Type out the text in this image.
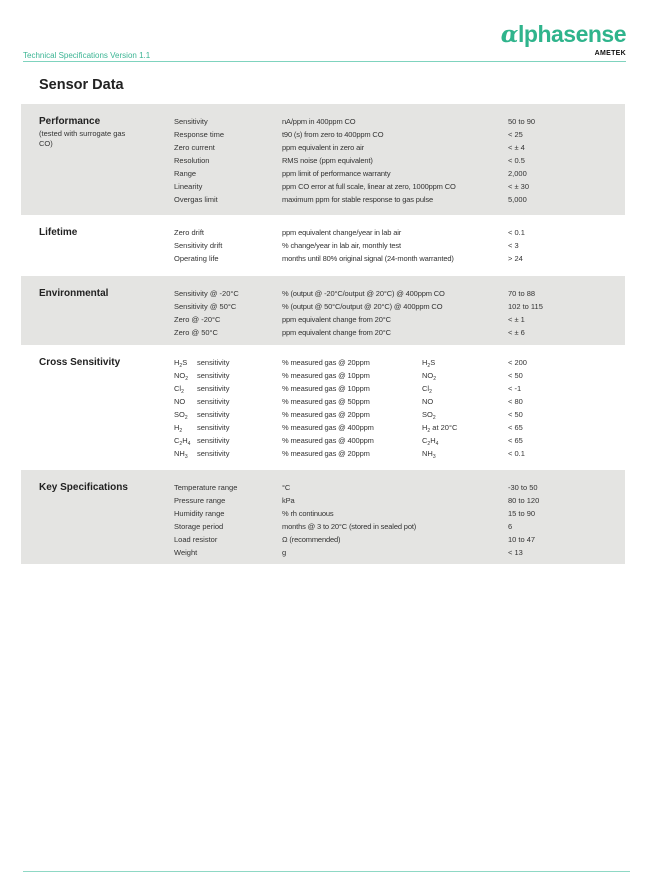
Technical Specifications Version 1.1
αlphasense
AMETEK
Sensor Data
Performance
(tested with surrogate gas CO)
Sensitivity	nA/ppm in 400ppm CO	50 to 90
Response time	t90 (s) from zero to 400ppm CO	< 25
Zero current	ppm equivalent in zero air	< ± 4
Resolution	RMS noise (ppm equivalent)	< 0.5
Range	ppm limit of performance warranty	2,000
Linearity	ppm CO error at full scale, linear at zero, 1000ppm CO	< ± 30
Overgas limit	maximum ppm for stable response to gas pulse	5,000
Lifetime	Zero drift	ppm equivalent change/year in lab air	< 0.1
Sensitivity drift	% change/year in lab air, monthly test	< 3
Operating life	months until 80% original signal (24-month warranted)	> 24
Environmental	Sensitivity @ -20°C	% (output @ -20°C/output @ 20°C) @ 400ppm CO	70 to 88
Sensitivity @ 50°C	% (output @ 50°C/output @ 20°C) @ 400ppm CO	102 to 115
Zero @ -20°C	ppm equivalent change from 20°C	< ± 1
Zero @ 50°C	ppm equivalent change from 20°C	< ± 6
Cross Sensitivity	$H_2S$	sensitivity	% measured gas @ 20ppm	$H_2S$	< 200
$NO_2$	sensitivity	% measured gas @ 10ppm	$NO_2$	< 50
$Cl_2$	sensitivity	% measured gas @ 10ppm	$Cl_2$	< -1
NO	sensitivity	% measured gas @ 50ppm	NO	< 80
$SO_2$	sensitivity	% measured gas @ 20ppm	$SO_2$	< 50
$H_2$	sensitivity	% measured gas @ 400ppm	$H_2$ at 20°C	< 65
$C_2H_4$ sensitivity	% measured gas @ 400ppm	$C_2H_4$	< 65
$NH_3$	sensitivity	% measured gas @ 20ppm	$NH_3$	< 0.1
Key Specifications	Temperature range	°C	-30 to 50
Pressure range	kPa	80 to 120
Humidity range	% rh continuous	15 to 90
Storage period	months @ 3 to 20°C (stored in sealed pot)	6
Load resistor	Ω (recommended)	10 to 47
Weight	g	< 13
